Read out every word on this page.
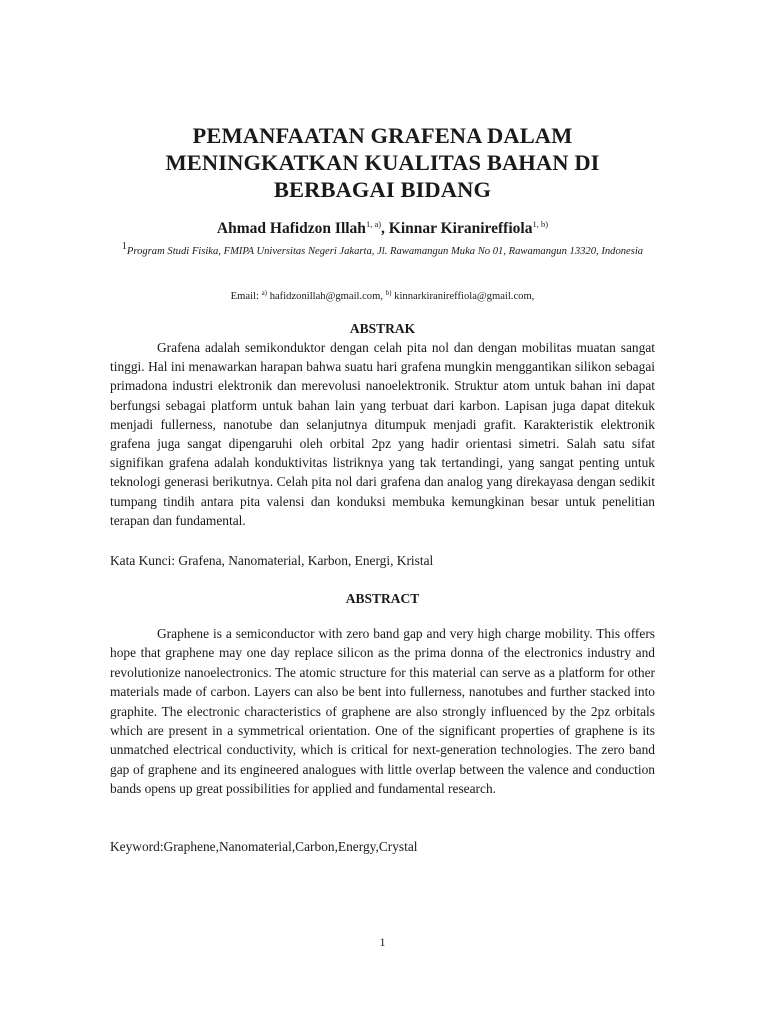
PEMANFAATAN GRAFENA DALAM
MENINGKATKAN KUALITAS BAHAN DI
BERBAGAI BIDANG
Ahmad Hafidzon Illah$^{1, a)}$, Kinnar Kiranireffiola$^{1, b)}$
$^1$Program Studi Fisika, FMIPA Universitas Negeri Jakarta, Jl. Rawamangun Muka No 01, Rawamangun 13320, Indonesia
Email: $^{a)}$ hafidzonillah@gmail.com, $^{b)}$ kinnarkiranireffiola@gmail.com,
ABSTRAK
Grafena adalah semikonduktor dengan celah pita nol dan dengan mobilitas muatan sangat tinggi. Hal ini menawarkan harapan bahwa suatu hari grafena mungkin menggantikan silikon sebagai primadona industri elektronik dan merevolusi nanoelektronik. Struktur atom untuk bahan ini dapat berfungsi sebagai platform untuk bahan lain yang terbuat dari karbon. Lapisan juga dapat ditekuk menjadi fullerness, nanotube dan selanjutnya ditumpuk menjadi grafit. Karakteristik elektronik grafena juga sangat dipengaruhi oleh orbital 2pz yang hadir orientasi simetri. Salah satu sifat signifikan grafena adalah konduktivitas listriknya yang tak tertandingi, yang sangat penting untuk teknologi generasi berikutnya. Celah pita nol dari grafena dan analog yang direkayasa dengan sedikit tumpang tindih antara pita valensi dan konduksi membuka kemungkinan besar untuk penelitian terapan dan fundamental.
Kata Kunci: Grafena, Nanomaterial, Karbon, Energi, Kristal
ABSTRACT
Graphene is a semiconductor with zero band gap and very high charge mobility. This offers hope that graphene may one day replace silicon as the prima donna of the electronics industry and revolutionize nanoelectronics. The atomic structure for this material can serve as a platform for other materials made of carbon. Layers can also be bent into fullerness, nanotubes and further stacked into graphite. The electronic characteristics of graphene are also strongly influenced by the 2pz orbitals which are present in a symmetrical orientation. One of the significant properties of graphene is its unmatched electrical conductivity, which is critical for next-generation technologies. The zero band gap of graphene and its engineered analogues with little overlap between the valence and conduction bands opens up great possibilities for applied and fundamental research.
Keyword:Graphene,Nanomaterial,Carbon,Energy,Crystal
1
